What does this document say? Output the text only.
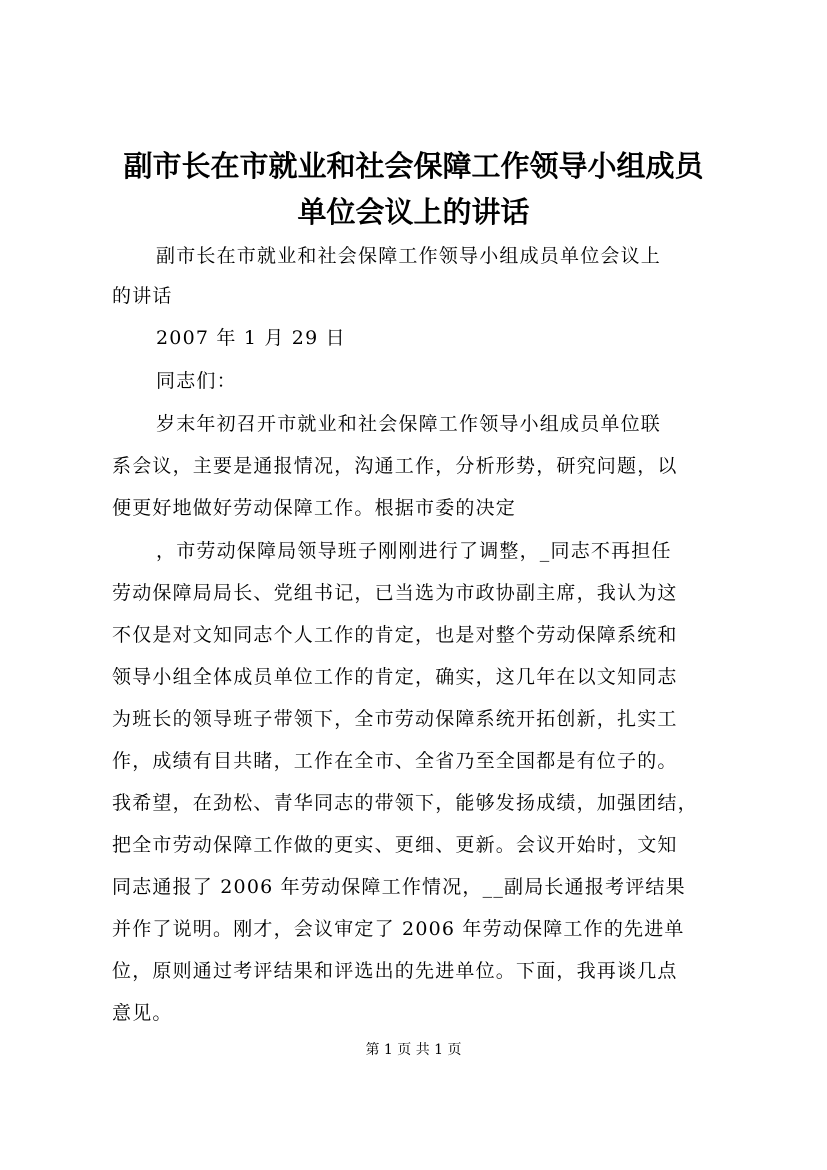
副市长在市就业和社会保障工作领导小组成员
单位会议上的讲话
副市长在市就业和社会保障工作领导小组成员单位会议上
的讲话
2007 年 1 月 29 日
同志们：
岁末年初召开市就业和社会保障工作领导小组成员单位联
系会议，主要是通报情况，沟通工作，分析形势，研究问题，以
便更好地做好劳动保障工作。根据市委的决定
，市劳动保障局领导班子刚刚进行了调整，_同志不再担任
劳动保障局局长、党组书记，已当选为市政协副主席，我认为这
不仅是对文知同志个人工作的肯定，也是对整个劳动保障系统和
领导小组全体成员单位工作的肯定，确实，这几年在以文知同志
为班长的领导班子带领下，全市劳动保障系统开拓创新，扎实工
作，成绩有目共睹，工作在全市、全省乃至全国都是有位子的。
我希望，在劲松、青华同志的带领下，能够发扬成绩，加强团结，
把全市劳动保障工作做的更实、更细、更新。会议开始时，文知
同志通报了 2006 年劳动保障工作情况，__副局长通报考评结果
并作了说明。刚才，会议审定了 2006 年劳动保障工作的先进单
位，原则通过考评结果和评选出的先进单位。下面，我再谈几点
意见。
第 1 页 共 1 页
